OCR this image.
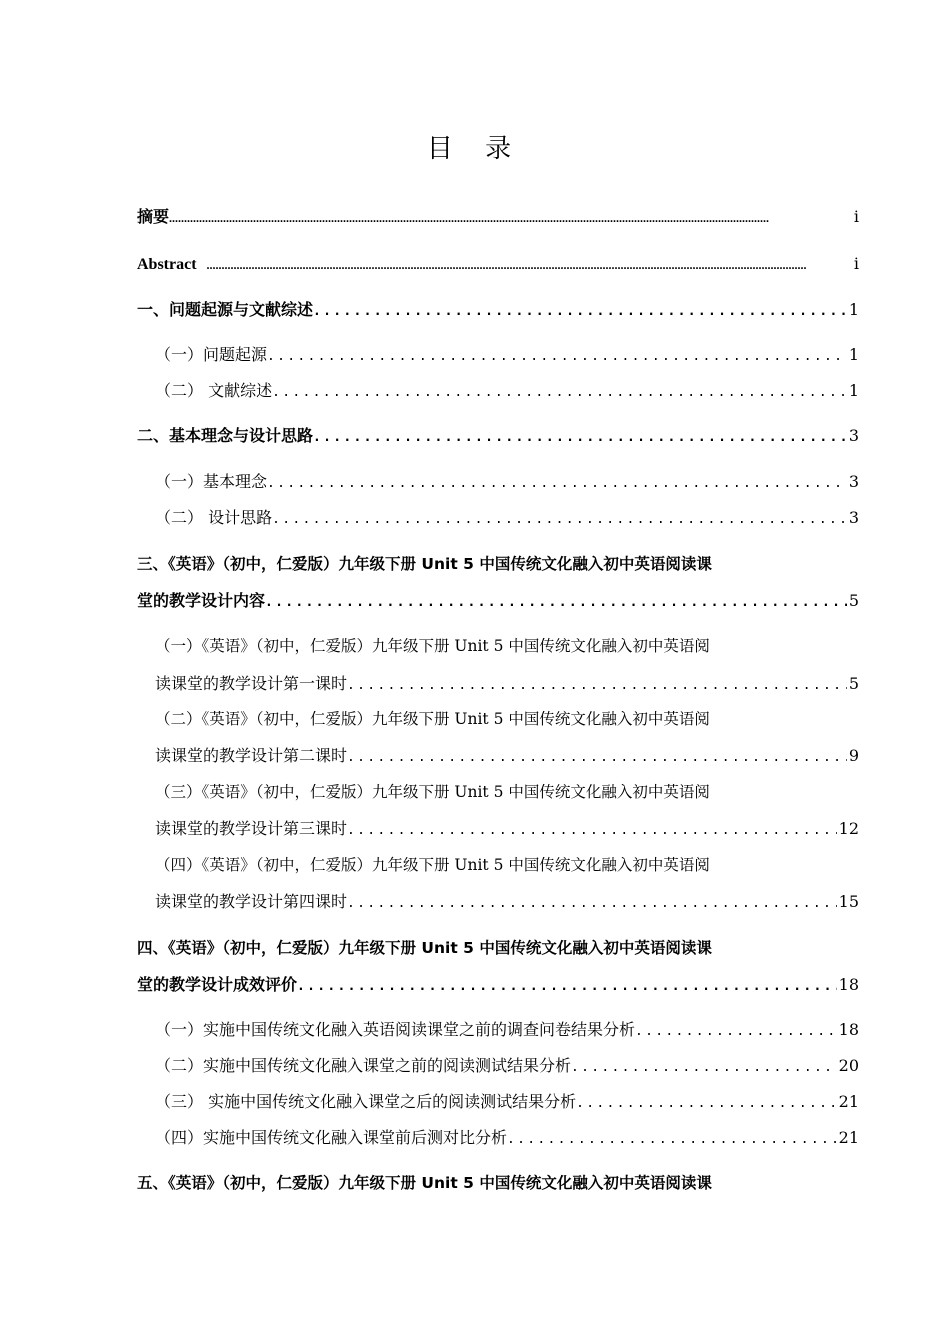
目 录
摘要 .....	i
Abstract .....	i
一、问题起源与文献综述 .....	1
（一）问题起源 .....	1
（二） 文献综述 .....	1
二、基本理念与设计思路 .....	3
（一）基本理念 .....	3
（二） 设计思路 .....	3
三、《英语》（初中，仁爱版）九年级下册 Unit 5 中国传统文化融入初中英语阅读课
堂的教学设计内容 .....	5
（一）《英语》（初中，仁爱版）九年级下册 Unit 5 中国传统文化融入初中英语阅
读课堂的教学设计第一课时 .....	5
（二）《英语》（初中，仁爱版）九年级下册 Unit 5 中国传统文化融入初中英语阅
读课堂的教学设计第二课时 .....	9
（三）《英语》（初中，仁爱版）九年级下册 Unit 5 中国传统文化融入初中英语阅
读课堂的教学设计第三课时 .....	12
（四）《英语》（初中，仁爱版）九年级下册 Unit 5 中国传统文化融入初中英语阅
读课堂的教学设计第四课时 .....	15
四、《英语》（初中，仁爱版）九年级下册 Unit 5 中国传统文化融入初中英语阅读课
堂的教学设计成效评价 .....	18
（一）实施中国传统文化融入英语阅读课堂之前的调查问卷结果分析 .....	18
（二）实施中国传统文化融入课堂之前的阅读测试结果分析 .....	20
（三） 实施中国传统文化融入课堂之后的阅读测试结果分析 .....	21
（四）实施中国传统文化融入课堂前后测对比分析 .....	21
五、《英语》（初中，仁爱版）九年级下册 Unit 5 中国传统文化融入初中英语阅读课
